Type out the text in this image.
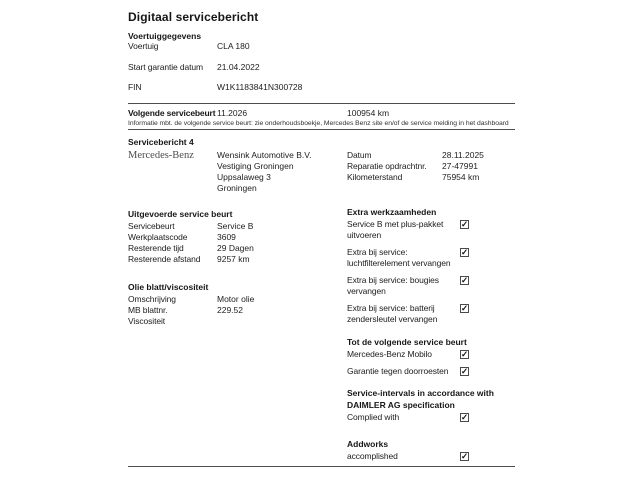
Digitaal servicebericht
Voertuiggegevens
Voertuig	CLA 180
Start garantie datum 21.04.2022
FIN	W1K1183841N300728
Volgende servicebeurt 11.2026	100954 km
Informatie mbt. de volgende service beurt: zie onderhoudsboekje, Mercedes Benz site en/of de service melding in het dashboard
Servicebericht 4
Mercedes-Benz	Wensink Automotive B.V.
Vestiging Groningen
Uppsalaweg 3
Groningen
Datum	28.11.2025
Reparatie opdrachtnr. 27-47991
Kilometerstand	75954 km
Uitgevoerde service beurt
Servicebeurt	Service B
Werkplaatscode	3609
Resterende tijd	29 Dagen
Resterende afstand 9257 km
Olie blatt/viscositeit
Omschrijving	Motor olie
MB blattnr.	229.52
Viscositeit
Extra werkzaamheden
Service B met plus-pakket uitvoeren
✓
Extra bij service: luchtfilterelement vervangen
✓
Extra bij service: bougies vervangen
✓
Extra bij service: batterij zendersleutel vervangen
✓
Tot de volgende service beurt
Mercedes-Benz Mobilo	✓
Garantie tegen doorroesten	✓
Service-intervals in accordance with
DAIMLER AG specification
Complied with	✓
Addworks
accomplished	✓
